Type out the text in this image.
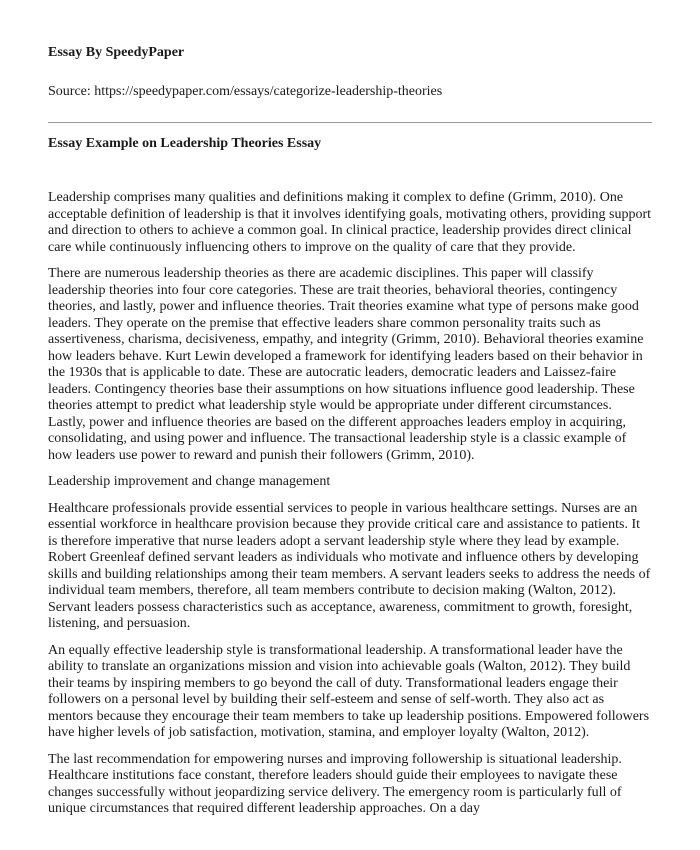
Essay By SpeedyPaper
Source: https://speedypaper.com/essays/categorize-leadership-theories
Essay Example on Leadership Theories Essay

Leadership comprises many qualities and definitions making it complex to define (Grimm, 2010). One acceptable definition of leadership is that it involves identifying goals, motivating others, providing support and direction to others to achieve a common goal. In clinical practice, leadership provides direct clinical care while continuously influencing others to improve on the quality of care that they provide.

There are numerous leadership theories as there are academic disciplines. This paper will classify leadership theories into four core categories. These are trait theories, behavioral theories, contingency theories, and lastly, power and influence theories. Trait theories examine what type of persons make good leaders. They operate on the premise that effective leaders share common personality traits such as assertiveness, charisma, decisiveness, empathy, and integrity (Grimm, 2010). Behavioral theories examine how leaders behave. Kurt Lewin developed a framework for identifying leaders based on their behavior in the 1930s that is applicable to date. These are autocratic leaders, democratic leaders and Laissez-faire leaders. Contingency theories base their assumptions on how situations influence good leadership. These theories attempt to predict what leadership style would be appropriate under different circumstances. Lastly, power and influence theories are based on the different approaches leaders employ in acquiring, consolidating, and using power and influence. The transactional leadership style is a classic example of how leaders use power to reward and punish their followers (Grimm, 2010).

Leadership improvement and change management

Healthcare professionals provide essential services to people in various healthcare settings. Nurses are an essential workforce in healthcare provision because they provide critical care and assistance to patients. It is therefore imperative that nurse leaders adopt a servant leadership style where they lead by example. Robert Greenleaf defined servant leaders as individuals who motivate and influence others by developing skills and building relationships among their team members. A servant leaders seeks to address the needs of individual team members, therefore, all team members contribute to decision making (Walton, 2012). Servant leaders possess characteristics such as acceptance, awareness, commitment to growth, foresight, listening, and persuasion.

An equally effective leadership style is transformational leadership. A transformational leader have the ability to translate an organizations mission and vision into achievable goals (Walton, 2012). They build their teams by inspiring members to go beyond the call of duty. Transformational leaders engage their followers on a personal level by building their self-esteem and sense of self-worth. They also act as mentors because they encourage their team members to take up leadership positions. Empowered followers have higher levels of job satisfaction, motivation, stamina, and employer loyalty (Walton, 2012).

The last recommendation for empowering nurses and improving followership is situational leadership. Healthcare institutions face constant, therefore leaders should guide their employees to navigate these changes successfully without jeopardizing service delivery. The emergency room is particularly full of unique circumstances that required different leadership approaches. On a day
